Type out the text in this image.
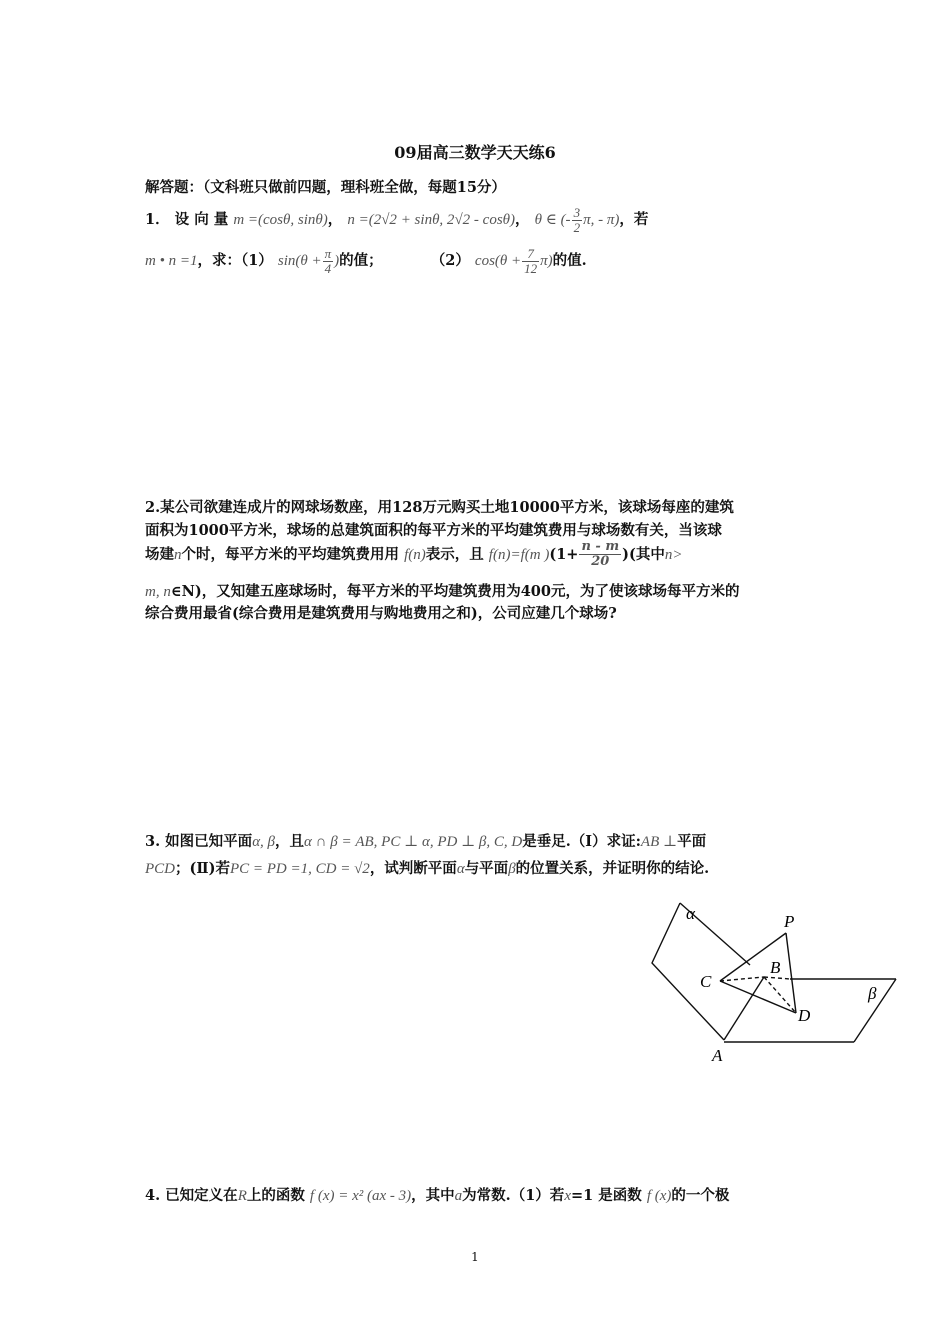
09届高三数学天天练6
解答题：（文科班只做前四题，理科班全做，每题15分）
1． 设 向 量 m =(cosθ, sinθ)， n =(2√2 + sinθ, 2√2 - cosθ)， θ ∈ (- $\frac{3}{2} \pi$, - π)，若
m • n =1，求：（1） $\sin(\theta + \frac{\pi}{4}$ )的值；	（2） $\cos(\theta + \frac{7}{12} \pi)$的值.
2.某公司欲建连成片的网球场数座，用128万元购买土地10000平方米，该球场每座的建筑
面积为1000平方米，球场的总建筑面积的每平方米的平均建筑费用与球场数有关，当该球
场建n个时，每平方米的平均建筑费用用 f(n)表示，且 f(n)=f(m )($1+ \frac{n - m}{20}$ )(其中n>
m, n∈N)，又知建五座球场时，每平方米的平均建筑费用为400元，为了使该球场每平方米的
综合费用最省(综合费用是建筑费用与购地费用之和)，公司应建几个球场?
3. 如图已知平面α, β，且α ∩ β = AB, PC ⊥ α, PD ⊥ β, C, D是垂足.（Ⅰ）求证:AB ⊥平面
PCD；(Ⅱ)若PC = PD =1, CD = √2，试判断平面α与平面β的位置关系，并证明你的结论.
α	P
B
C
β
D
A
4. 已知定义在R上的函数 f (x) = x² (ax - 3)，其中a为常数.（1）若x=1 是函数 f (x)的一个极
1
